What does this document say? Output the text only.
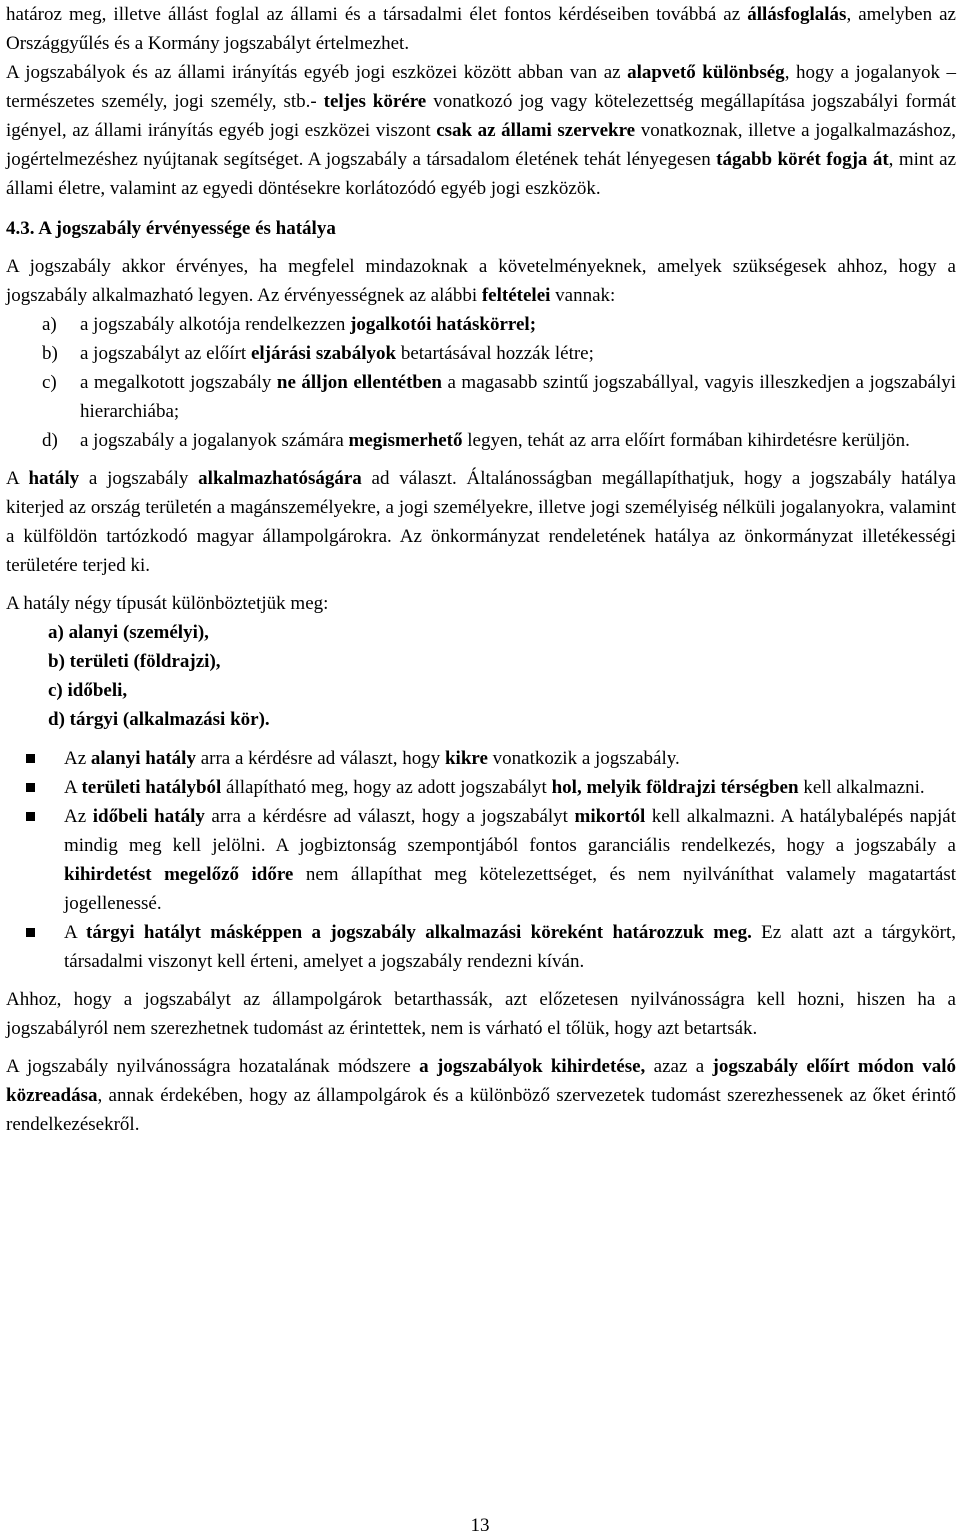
határoz meg, illetve állást foglal az állami és a társadalmi élet fontos kérdéseiben továbbá az állásfoglalás, amelyben az Országgyűlés és a Kormány jogszabályt értelmezhet.

A jogszabályok és az állami irányítás egyéb jogi eszközei között abban van az alapvető különbség, hogy a jogalanyok – természetes személy, jogi személy, stb.- teljes körére vonatkozó jog vagy kötelezettség megállapítása jogszabályi formát igényel, az állami irányítás egyéb jogi eszközei viszont csak az állami szervekre vonatkoznak, illetve a jogalkalmazáshoz, jogértelmezéshez nyújtanak segítséget. A jogszabály a társadalom életének tehát lényegesen tágabb körét fogja át, mint az állami életre, valamint az egyedi döntésekre korlátozódó egyéb jogi eszközök.

4.3. A jogszabály érvényessége és hatálya

A jogszabály akkor érvényes, ha megfelel mindazoknak a követelményeknek, amelyek szükségesek ahhoz, hogy a jogszabály alkalmazható legyen. Az érvényességnek az alábbi feltételei vannak:

a) a jogszabály alkotója rendelkezzen jogalkotói hatáskörrel;
b) a jogszabályt az előírt eljárási szabályok betartásával hozzák létre;
c) a megalkotott jogszabály ne álljon ellentétben a magasabb szintű jogszabállyal, vagyis illeszkedjen a jogszabályi hierarchiába;
d) a jogszabály a jogalanyok számára megismerhető legyen, tehát az arra előírt formában kihirdetésre kerüljön.

A hatály a jogszabály alkalmazhatóságára ad választ. Általánosságban megállapíthatjuk, hogy a jogszabály hatálya kiterjed az ország területén a magánszemélyekre, a jogi személyekre, illetve jogi személyiség nélküli jogalanyokra, valamint a külföldön tartózkodó magyar állampolgárokra. Az önkormányzat rendeletének hatálya az önkormányzat illetékességi területére terjed ki.

A hatály négy típusát különböztetjük meg:

a) alanyi (személyi),
b) területi (földrajzi),
c) időbeli,
d) tárgyi (alkalmazási kör).
Az alanyi hatály arra a kérdésre ad választ, hogy kikre vonatkozik a jogszabály.
A területi hatályból állapítható meg, hogy az adott jogszabályt hol, melyik földrajzi térségben kell alkalmazni.
Az időbeli hatály arra a kérdésre ad választ, hogy a jogszabályt mikortól kell alkalmazni. A hatálybalépés napját mindig meg kell jelölni. A jogbiztonság szempontjából fontos garanciális rendelkezés, hogy a jogszabály a kihirdetést megelőző időre nem állapíthat meg kötelezettséget, és nem nyilváníthat valamely magatartást jogellenessé.
A tárgyi hatályt másképpen a jogszabály alkalmazási köreként határozzuk meg. Ez alatt azt a tárgykört, társadalmi viszonyt kell érteni, amelyet a jogszabály rendezni kíván.

Ahhoz, hogy a jogszabályt az állampolgárok betarthassák, azt előzetesen nyilvánosságra kell hozni, hiszen ha a jogszabályról nem szerezhetnek tudomást az érintettek, nem is várható el tőlük, hogy azt betartsák.

A jogszabály nyilvánosságra hozatalának módszere a jogszabályok kihirdetése, azaz a jogszabály előírt módon való közreadása, annak érdekében, hogy az állampolgárok és a különböző szervezetek tudomást szerezhessenek az őket érintő rendelkezésekről.

13
